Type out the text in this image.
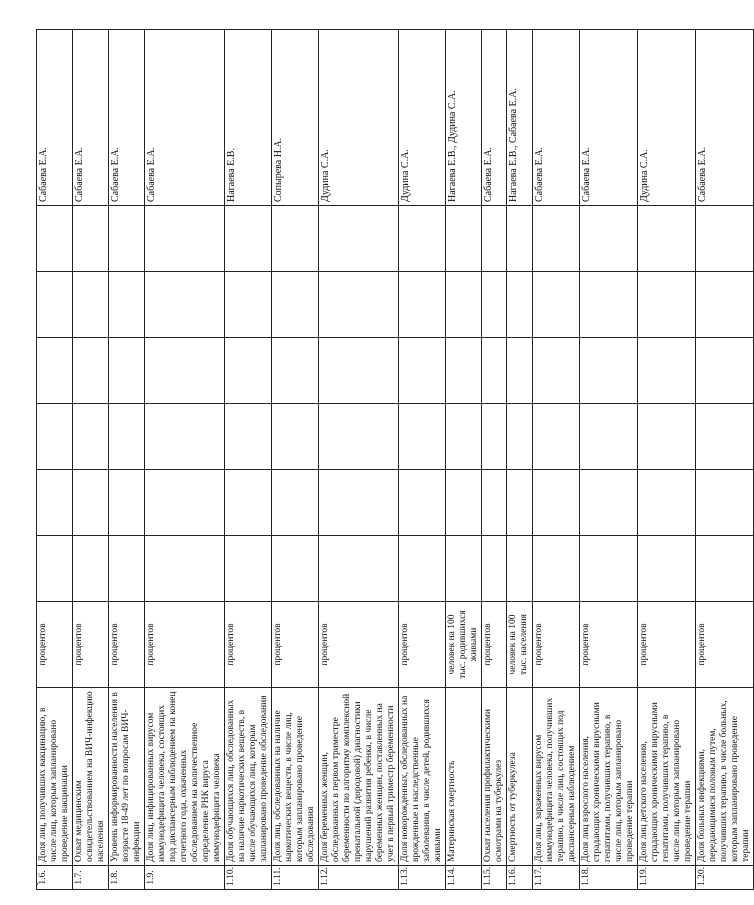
1.6.	Доля лиц, получивших вакцинацию, в числе лиц, которым запланировано проведение вакцинации	процентов							Сабаева Е.А.
1.7.	Охват медицинским освидетельствованием на ВИЧ-инфекцию населения	процентов							Сабаева Е.А.
1.8.	Уровень информированности населения в возрасте 18-49 лет по вопросам ВИЧ-инфекции	процентов							Сабаева Е.А.
1.9.	Доля лиц, инфицированных вирусом иммунодефицита человека, состоящих под диспансерным наблюдением на конец отчетного года, охваченных обследованием на количественное определение РНК вируса иммунодефицита человека	процентов							Сабаева Е.А.
1.10.	Доля обучающихся лиц, обследованных на наличие наркотических веществ, в числе обучающихся лиц, которым запланировано проведение обследования	процентов							Нагаева Е.В.
1.11.	Доля лиц, обследованных на наличие наркотических веществ, в числе лиц, которым запланировано проведение обследования	процентов							Сопырева Н.А.
1.12.	Доля беременных женщин, обследованных в первом триместре беременности по алгоритму комплексной пренатальной (дородовой) диагностики нарушений развития ребенка, в числе беременных женщин, поставленных на учет в первый триместр беременности	процентов							Дудина С.А.
1.13.	Доля новорожденных, обследованных на врожденные и наследственные заболевания, в числе детей, родившихся живыми	процентов							Дудина С.А.
1.14.	Материнская смертность	человек на 100 тыс. родившихся живыми							Нагаева Е.В., Дудина С.А.
1.15.	Охват населения профилактическими осмотрами на туберкулез	процентов							Сабаева Е.А.
1.16.	Смертность от туберкулеза	человек на 100 тыс. населения							Нагаева Е.В., Сабаева Е.А.
1.17.	Доля лиц, зараженных вирусом иммунодефицита человека, получивших терапию, в числе лиц, состоящих под диспансерным наблюдением	процентов							Сабаева Е.А.
1.18.	Доля лиц взрослого населения, страдающих хроническими вирусными гепатитами, получивших терапию, в числе лиц, которым запланировано проведение терапии	процентов							Сабаева Е.А.
1.19.	Доля лиц детского населения, страдающих хроническими вирусными гепатитами, получивших терапию, в числе лиц, которым запланировано проведение терапии	процентов							Дудина С.А.
1.20.	Доля больных инфекциями, передающимися половым путем, получивших терапию, в числе больных, которым запланировано проведение терапии	процентов							Сабаева Е.А.
